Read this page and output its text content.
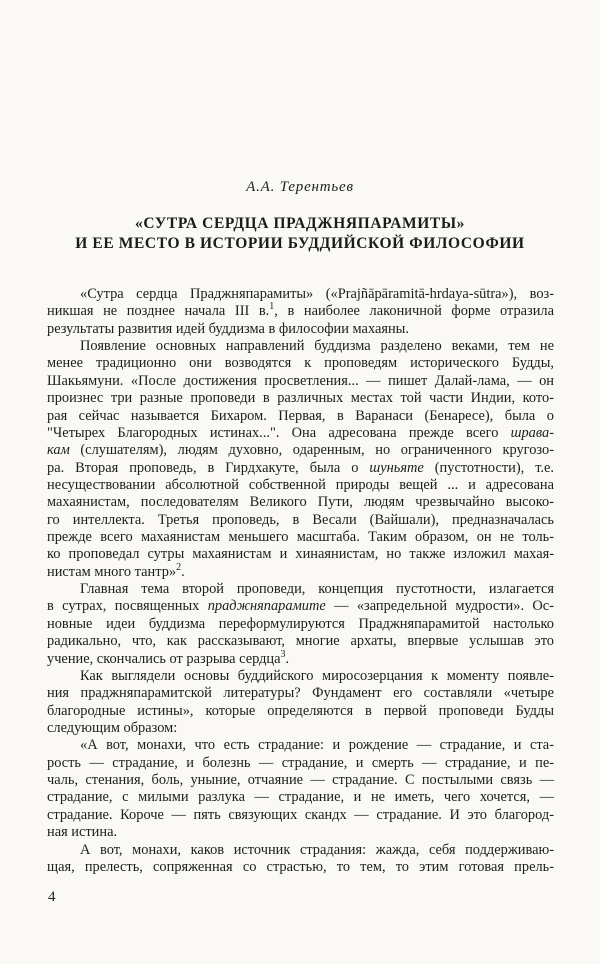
А.А. Терентьев
«СУТРА СЕРДЦА ПРАДЖНЯПАРАМИТЫ»
И ЕЕ МЕСТО В ИСТОРИИ БУДДИЙСКОЙ ФИЛОСОФИИ
«Сутра сердца Праджняпарамиты» («Prajñāpāramitā-hrdaya-sūtra»), воз-
никшая не позднее начала III в.$^1$, в наиболее лаконичной форме отразила
результаты развития идей буддизма в философии махаяны.
Появление основных направлений буддизма разделено веками, тем не
менее традиционно они возводятся к проповедям исторического Будды,
Шакьямуни. «После достижения просветления... — пишет Далай-лама, — он
произнес три разные проповеди в различных местах той части Индии, кото-
рая сейчас называется Бихаром. Первая, в Варанаси (Бенаресе), была о
"Четырех Благородных истинах...". Она адресована прежде всего шрава-
кам (слушателям), людям духовно, одаренным, но ограниченного кругозо-
ра. Вторая проповедь, в Гирдхакуте, была о шуньяте (пустотности), т.е.
несуществовании абсолютной собственной природы вещей ... и адресована
махаянистам, последователям Великого Пути, людям чрезвычайно высоко-
го интеллекта. Третья проповедь, в Весали (Вайшали), предназначалась
прежде всего махаянистам меньшего масштаба. Таким образом, он не толь-
ко проповедал сутры махаянистам и хинаянистам, но также изложил махая-
нистам много тантр»$^2$.
Главная тема второй проповеди, концепция пустотности, излагается
в сутрах, посвященных праджняпарамите — «запредельной мудрости». Ос-
новные идеи буддизма переформулируются Праджняпарамитой настолько
радикально, что, как рассказывают, многие архаты, впервые услышав это
учение, скончались от разрыва сердца$^3$.
Как выглядели основы буддийского миросозерцания к моменту появле-
ния праджняпарамитской литературы? Фундамент его составляли «четыре
благородные истины», которые определяются в первой проповеди Будды
следующим образом:
«А вот, монахи, что есть страдание: и рождение — страдание, и ста-
рость — страдание, и болезнь — страдание, и смерть — страдание, и пе-
чаль, стенания, боль, уныние, отчаяние — страдание. С постылыми связь —
страдание, с милыми разлука — страдание, и не иметь, чего хочется, —
страдание. Короче — пять связующих скандх — страдание. И это благород-
ная истина.
А вот, монахи, каков источник страдания: жажда, себя поддерживаю-
щая, прелесть, сопряженная со страстью, то тем, то этим готовая прель-
4
